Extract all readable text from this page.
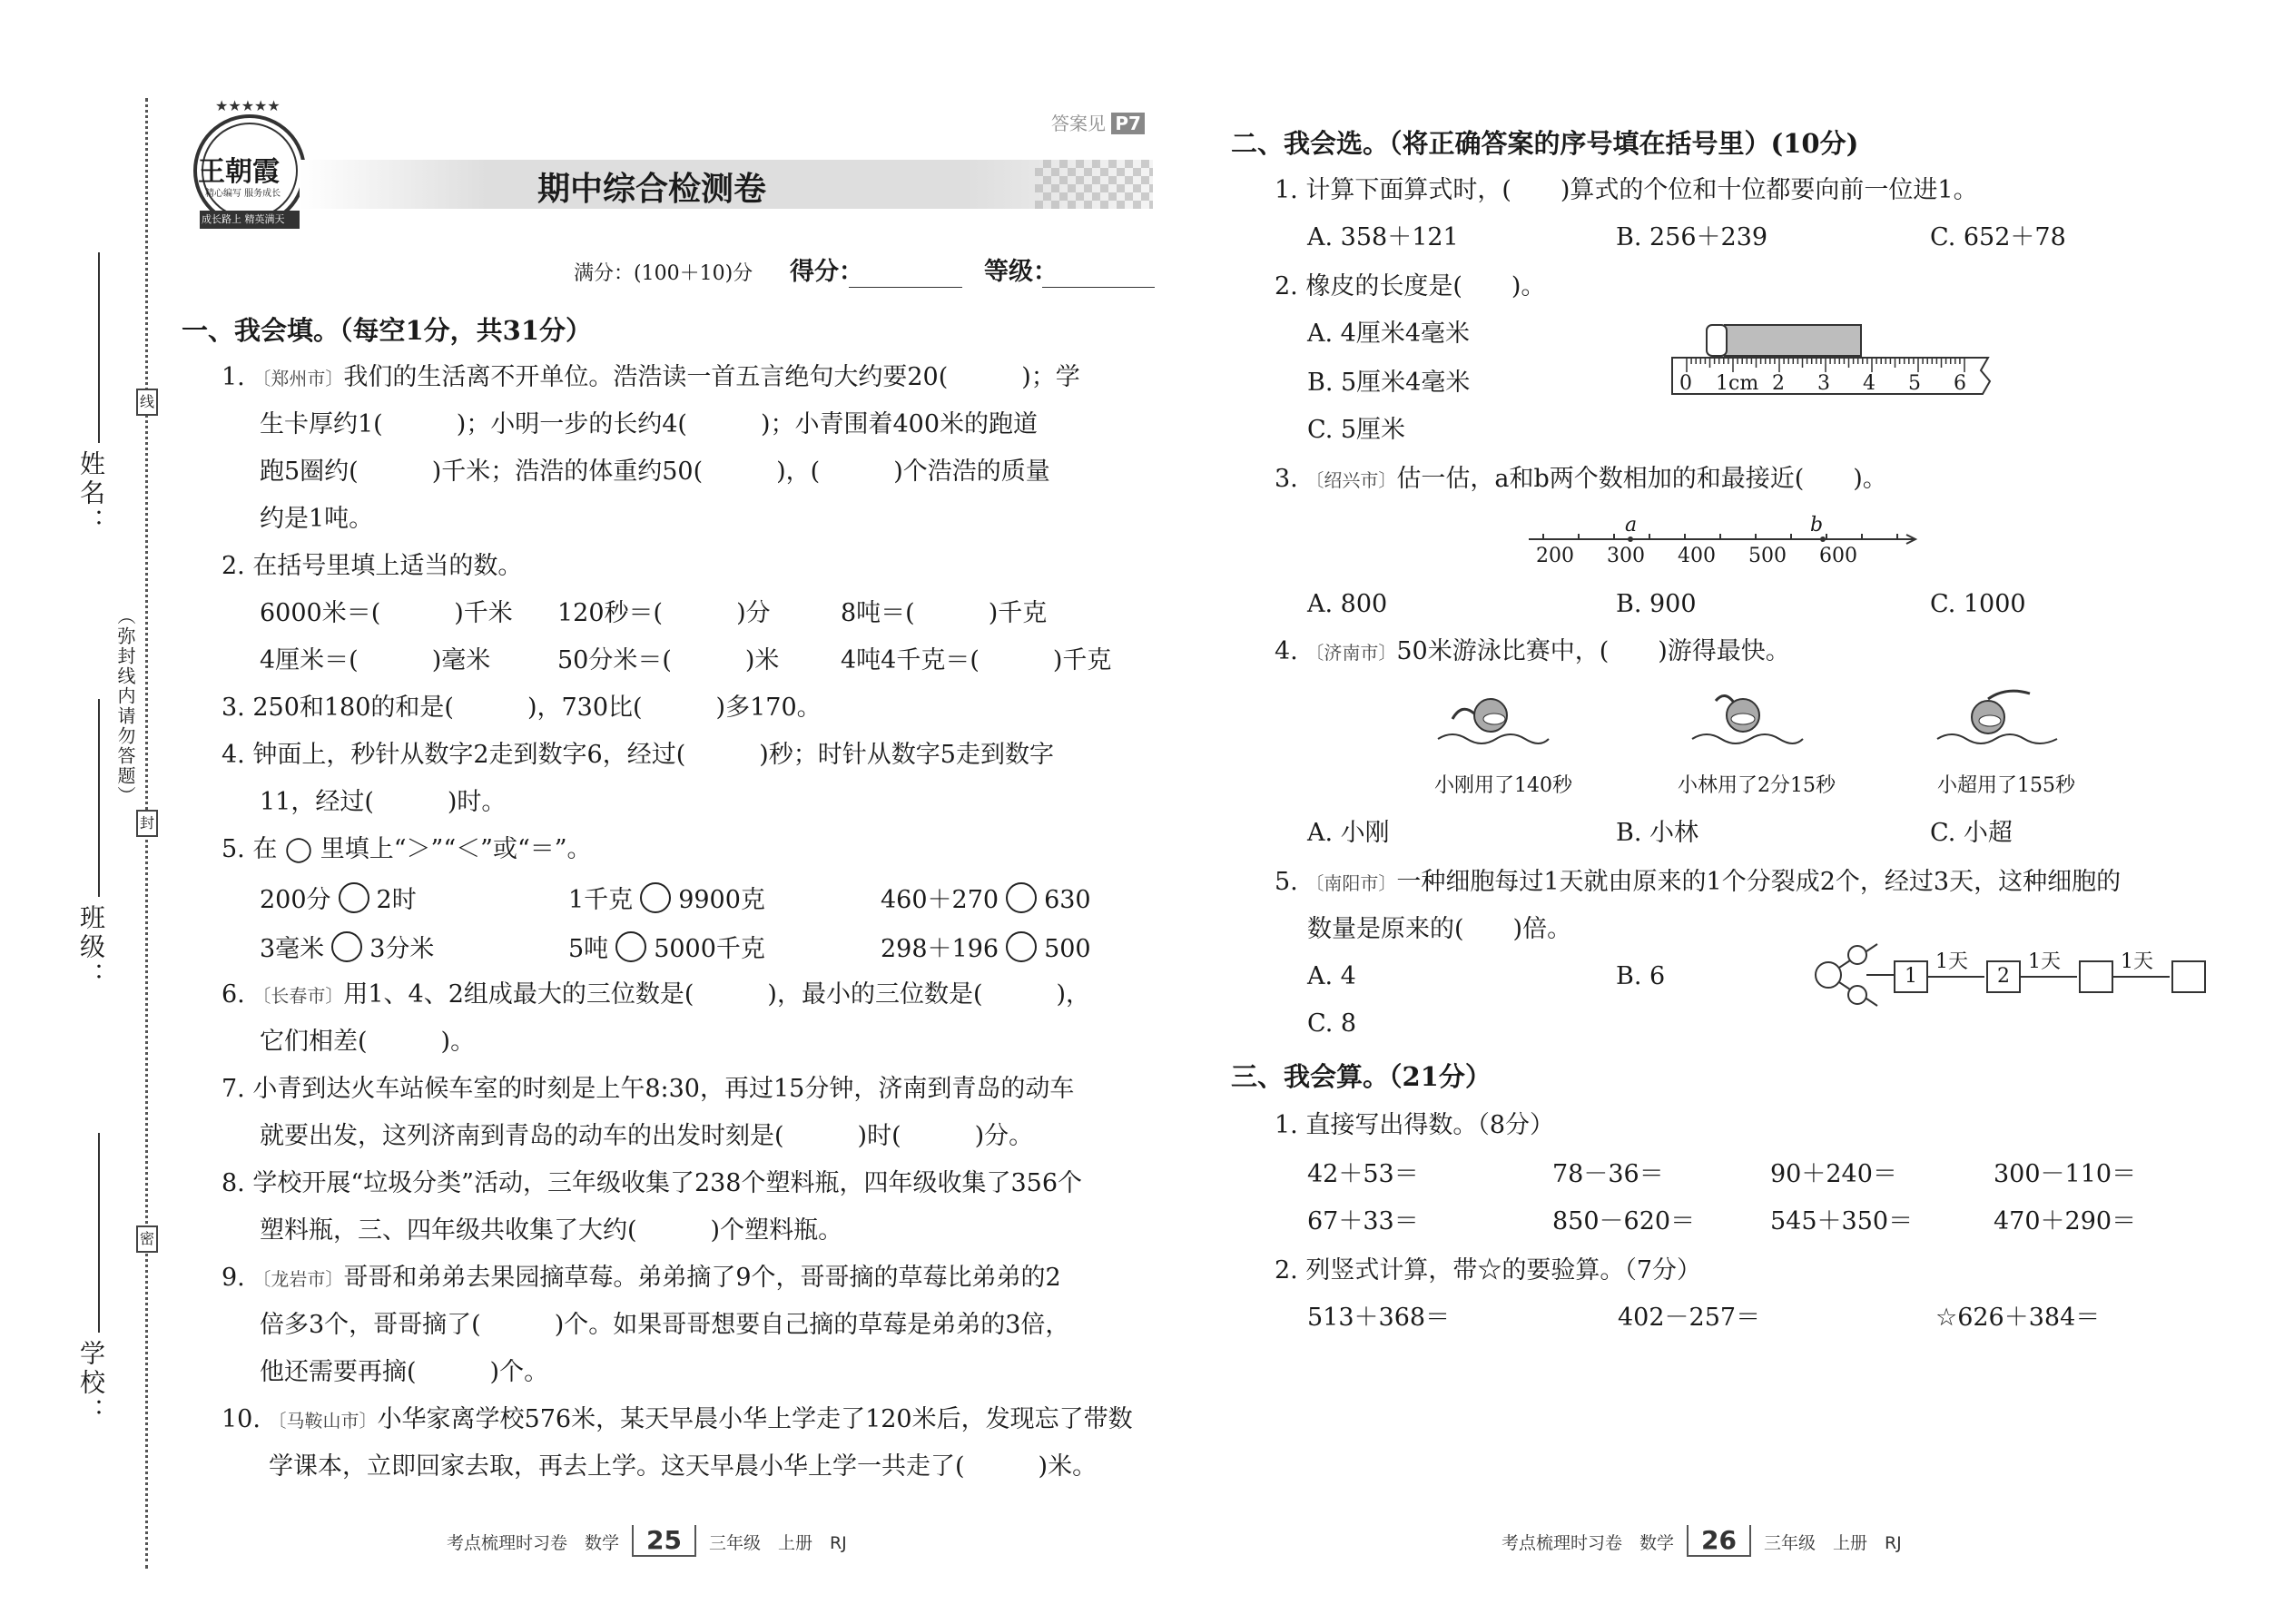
线
封
密
姓名：
班级：
学校：
（弥封线内请勿答题）
★★★★★
王朝霞
精心编写 服务成长
成长路上 精英满天
答案见 P7
期中综合检测卷
满分：(100＋10)分 得分：	等级：
一、我会填。（每空1分，共31分）
1. 〔郑州市〕我们的生活离不开单位。浩浩读一首五言绝句大约要20(　　　)；学
生卡厚约1(　　　)；小明一步的长约4(　　　)；小青围着400米的跑道
跑5圈约(　　　)千米；浩浩的体重约50(　　　)，(　　　)个浩浩的质量
约是1吨。
2. 在括号里填上适当的数。
6000米＝(　　　)千米 120秒＝(　　　)分	8吨＝(　　　)千克
4厘米＝(　　　)毫米	50分米＝(　　　)米	4吨4千克＝(　　　)千克
3. 250和180的和是(　　　)，730比(　　　)多170。
4. 钟面上，秒针从数字2走到数字6，经过(　　　)秒；时针从数字5走到数字
11，经过(　　　)时。
5. 在 ◯ 里填上“＞”“＜”或“＝”。
200分 2时	1千克 9900克	460＋270 630
3毫米 3分米	5吨 5000千克	298＋196 500
6. 〔长春市〕用1、4、2组成最大的三位数是(　　　)，最小的三位数是(　　　)，
它们相差(　　　)。
7. 小青到达火车站候车室的时刻是上午8:30，再过15分钟，济南到青岛的动车
就要出发，这列济南到青岛的动车的出发时刻是(　　　)时(　　　)分。
8. 学校开展“垃圾分类”活动，三年级收集了238个塑料瓶，四年级收集了356个
塑料瓶，三、四年级共收集了大约(　　　)个塑料瓶。
9. 〔龙岩市〕哥哥和弟弟去果园摘草莓。弟弟摘了9个，哥哥摘的草莓比弟弟的2
倍多3个，哥哥摘了(　　　)个。如果哥哥想要自己摘的草莓是弟弟的3倍，
他还需要再摘(　　　)个。
10. 〔马鞍山市〕小华家离学校576米，某天早晨小华上学走了120米后，发现忘了带数
学课本，立即回家去取，再去上学。这天早晨小华上学一共走了(　　　)米。
考点梳理时习卷　数学 25 三年级　上册　RJ
二、我会选。（将正确答案的序号填在括号里）(10分)
1. 计算下面算式时，(　　)算式的个位和十位都要向前一位进1。
A. 358＋121	B. 256＋239	C. 652＋78
2. 橡皮的长度是(　　)。
A. 4厘米4毫米
B. 5厘米4毫米
C. 5厘米
0 1cm 2 3 4 5 6
3. 〔绍兴市〕估一估，a和b两个数相加的和最接近(　　)。
a	b
200 300 400 500 600
A. 800	B. 900	C. 1000
4. 〔济南市〕50米游泳比赛中，(　　)游得最快。
小刚用了140秒	小林用了2分15秒	小超用了155秒
A. 小刚	B. 小林	C. 小超
5. 〔南阳市〕一种细胞每过1天就由原来的1个分裂成2个，经过3天，这种细胞的
数量是原来的(　　)倍。
A. 4	B. 6
C. 8
1	2
1天	1天	1天
三、我会算。（21分）
1. 直接写出得数。（8分）
42＋53＝	78－36＝	90＋240＝	300－110＝
67＋33＝	850－620＝	545＋350＝	470＋290＝
2. 列竖式计算，带☆的要验算。（7分）
513＋368＝	402－257＝	☆626＋384＝
考点梳理时习卷　数学 26 三年级　上册　RJ
